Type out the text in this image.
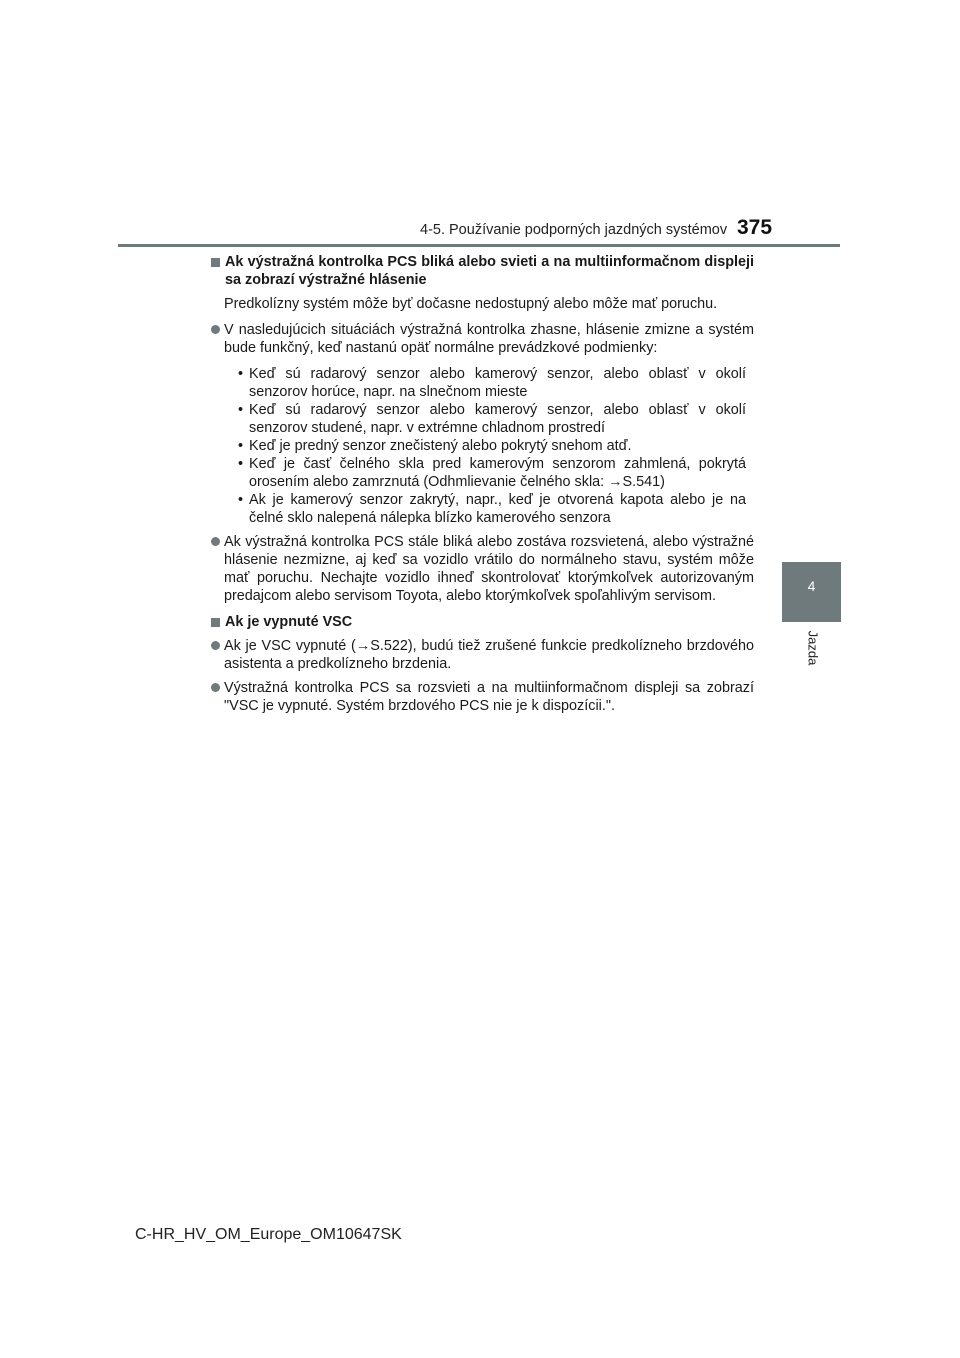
4-5. Používanie podporných jazdných systémov 375
4
Jazda
Ak výstražná kontrolka PCS bliká alebo svieti a na multiinformačnom displeji sa zobrazí výstražné hlásenie
Predkolízny systém môže byť dočasne nedostupný alebo môže mať poruchu.
V nasledujúcich situáciách výstražná kontrolka zhasne, hlásenie zmizne a systém bude funkčný, keď nastanú opäť normálne prevádzkové podmienky:
• Keď sú radarový senzor alebo kamerový senzor, alebo oblasť v okolí senzorov horúce, napr. na slnečnom mieste
• Keď sú radarový senzor alebo kamerový senzor, alebo oblasť v okolí senzorov studené, napr. v extrémne chladnom prostredí
• Keď je predný senzor znečistený alebo pokrytý snehom atď.
• Keď je časť čelného skla pred kamerovým senzorom zahmlená, pokrytá orosením alebo zamrznutá (Odhmlievanie čelného skla: →S.541)
• Ak je kamerový senzor zakrytý, napr., keď je otvorená kapota alebo je na čelné sklo nalepená nálepka blízko kamerového senzora
Ak výstražná kontrolka PCS stále bliká alebo zostáva rozsvietená, alebo výstražné hlásenie nezmizne, aj keď sa vozidlo vrátilo do normálneho stavu, systém môže mať poruchu. Nechajte vozidlo ihneď skontrolovať ktorýmkoľvek autorizovaným predajcom alebo servisom Toyota, alebo ktorýmkoľvek spoľahlivým servisom.
Ak je vypnuté VSC
Ak je VSC vypnuté (→S.522), budú tiež zrušené funkcie predkolízneho brzdového asistenta a predkolízneho brzdenia.
Výstražná kontrolka PCS sa rozsvieti a na multiinformačnom displeji sa zobrazí "VSC je vypnuté. Systém brzdového PCS nie je k dispozícii.".
C-HR_HV_OM_Europe_OM10647SK
